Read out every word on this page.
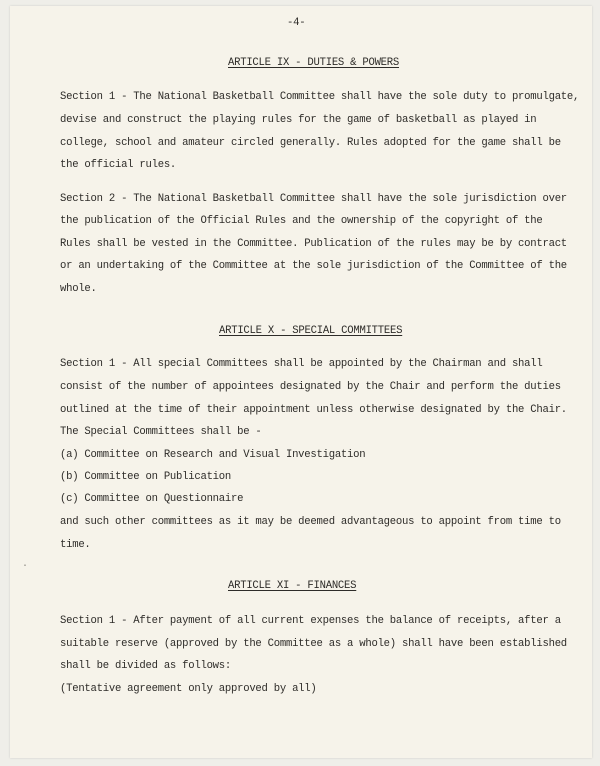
-4-
ARTICLE IX - DUTIES & POWERS
Section 1 - The National Basketball Committee shall have the sole duty to promulgate,
devise and construct the playing rules for the game of basketball as played in
college, school and amateur circled generally. Rules adopted for the game shall be
the official rules.
Section 2 - The National Basketball Committee shall have the sole jurisdiction over
the publication of the Official Rules and the ownership of the copyright of the
Rules shall be vested in the Committee. Publication of the rules may be by contract
or an undertaking of the Committee at the sole jurisdiction of the Committee of the
whole.
ARTICLE X - SPECIAL COMMITTEES
Section 1 - All special Committees shall be appointed by the Chairman and shall
consist of the number of appointees designated by the Chair and perform the duties
outlined at the time of their appointment unless otherwise designated by the Chair.
The Special Committees shall be -
(a) Committee on Research and Visual Investigation
(b) Committee on Publication
(c) Committee on Questionnaire
and such other committees as it may be deemed advantageous to appoint from time to
time.
ARTICLE XI - FINANCES
Section 1 - After payment of all current expenses the balance of receipts, after a
suitable reserve (approved by the Committee as a whole) shall have been established
shall be divided as follows:
(Tentative agreement only approved by all)
·
